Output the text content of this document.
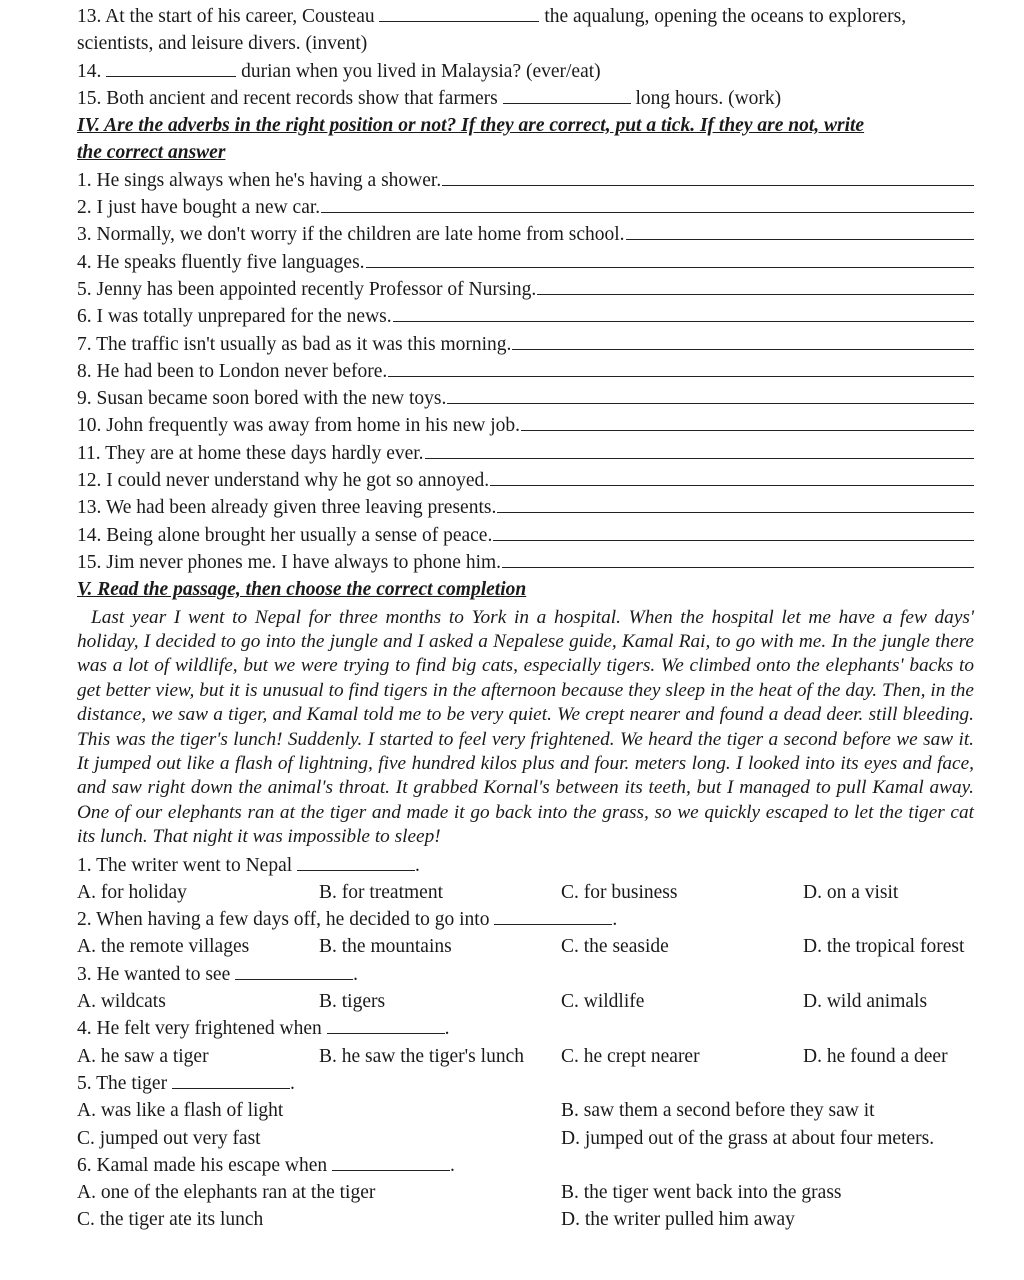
13. At the start of his career, Cousteau	the aqualung, opening the oceans to explorers,
scientists, and leisure divers. (invent)
14.	durian when you lived in Malaysia? (ever/eat)
15. Both ancient and recent records show that farmers	long hours. (work)
IV. Are the adverbs in the right position or not? If they are correct, put a tick. If they are not, write
the correct answer
1. He sings always when he's having a shower.
2. I just have bought a new car.
3. Normally, we don't worry if the children are late home from school.
4. He speaks fluently five languages.
5. Jenny has been appointed recently Professor of Nursing.
6. I was totally unprepared for the news.
7. The traffic isn't usually as bad as it was this morning.
8. He had been to London never before.
9. Susan became soon bored with the new toys.
10. John frequently was away from home in his new job.
11. They are at home these days hardly ever.
12. I could never understand why he got so annoyed.
13. We had been already given three leaving presents.
14. Being alone brought her usually a sense of peace.
15. Jim never phones me. I have always to phone him.
V. Read the passage, then choose the correct completion
Last year I went to Nepal for three months to York in a hospital. When the hospital let me have a few days' holiday, I decided to go into the jungle and I asked a Nepalese guide, Kamal Rai, to go with me. In the jungle there was a lot of wildlife, but we were trying to find big cats, especially tigers. We climbed onto the elephants' backs to get better view, but it is unusual to find tigers in the afternoon because they sleep in the heat of the day. Then, in the distance, we saw a tiger, and Kamal told me to be very quiet. We crept nearer and found a dead deer. still bleeding. This was the tiger's lunch! Suddenly. I started to feel very frightened. We heard the tiger a second before we saw it. It jumped out like a flash of lightning, five hundred kilos plus and four. meters long. I looked into its eyes and face, and saw right down the animal's throat. It grabbed Kornal's between its teeth, but I managed to pull Kamal away. One of our elephants ran at the tiger and made it go back into the grass, so we quickly escaped to let the tiger cat its lunch. That night it was impossible to sleep!
1. The writer went to Nepal	.
A. for holiday	B. for treatment	C. for business	D. on a visit
2. When having a few days off, he decided to go into	.
A. the remote villages	B. the mountains	C. the seaside	D. the tropical forest
3. He wanted to see	.
A. wildcats	B. tigers	C. wildlife	D. wild animals
4. He felt very frightened when	.
A. he saw a tiger	B. he saw the tiger's lunch	C. he crept nearer	D. he found a deer
5. The tiger	.
A. was like a flash of light	B. saw them a second before they saw it
C. jumped out very fast	D. jumped out of the grass at about four meters.
6. Kamal made his escape when	.
A. one of the elephants ran at the tiger	B. the tiger went back into the grass
C. the tiger ate its lunch	D. the writer pulled him away
